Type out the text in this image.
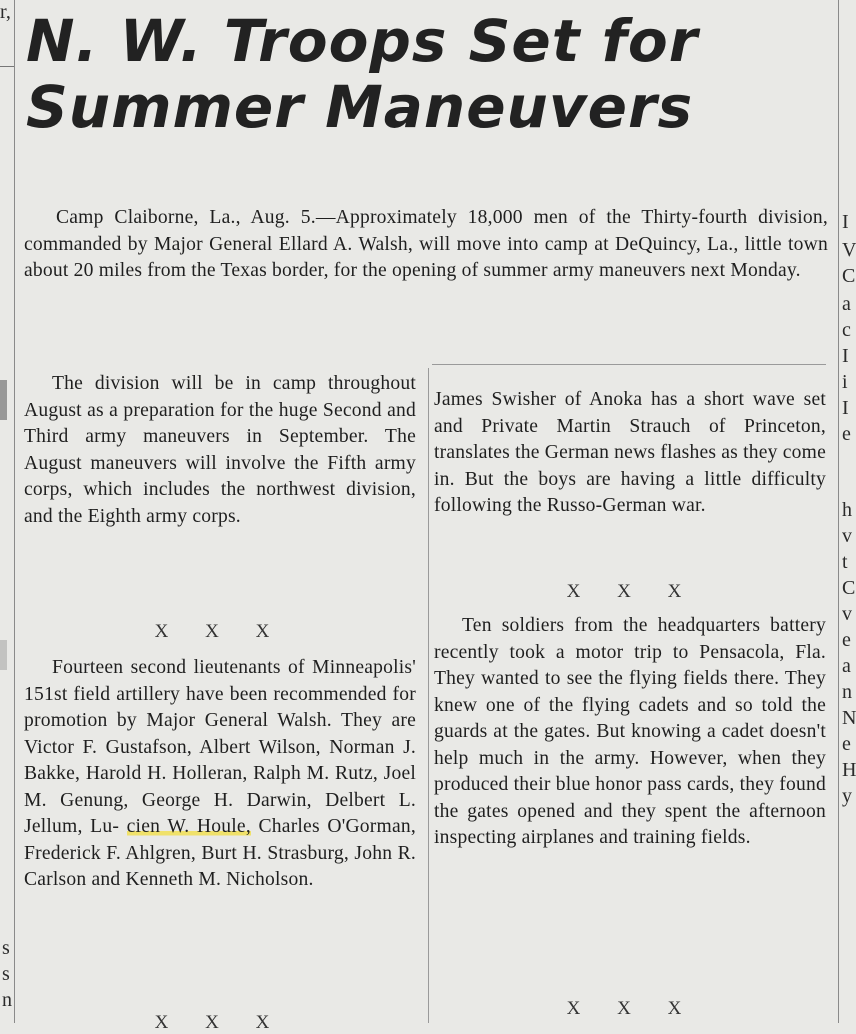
r,
s
s
n
I
V
C
a
c
I
i
I
e
h
v
t
C
v
e
a
n
N
e
H
y
N. W. Troops Set for
Summer Maneuvers

Camp Claiborne, La., Aug. 5.—Approximately 18,000 men of the Thirty-fourth division, commanded by Major General Ellard A. Walsh, will move into camp at DeQuincy, La., little town about 20 miles from the Texas border, for the opening of summer army maneuvers next Monday.

The division will be in camp throughout August as a preparation for the huge Second and Third army maneuvers in September. The August maneuvers will involve the Fifth army corps, which includes the northwest division, and the Eighth army corps.

X X X

Fourteen second lieutenants of Minneapolis' 151st field artillery have been recommended for promotion by Major General Walsh. They are Victor F. Gustafson, Albert Wilson, Norman J. Bakke, Harold H. Holleran, Ralph M. Rutz, Joel M. Genung, George H. Darwin, Delbert L. Jellum, Lu- cien W. Houle, Charles O'Gorman, Frederick F. Ahlgren, Burt H. Strasburg, John R. Carlson and Kenneth M. Nicholson.

X X X

James Swisher of Anoka has a short wave set and Private Martin Strauch of Princeton, translates the German news flashes as they come in. But the boys are having a little difficulty following the Russo-German war.

X X X

Ten soldiers from the headquarters battery recently took a motor trip to Pensacola, Fla. They wanted to see the flying fields there. They knew one of the flying cadets and so told the guards at the gates. But knowing a cadet doesn't help much in the army. However, when they produced their blue honor pass cards, they found the gates opened and they spent the afternoon inspecting airplanes and training fields.

X X X
